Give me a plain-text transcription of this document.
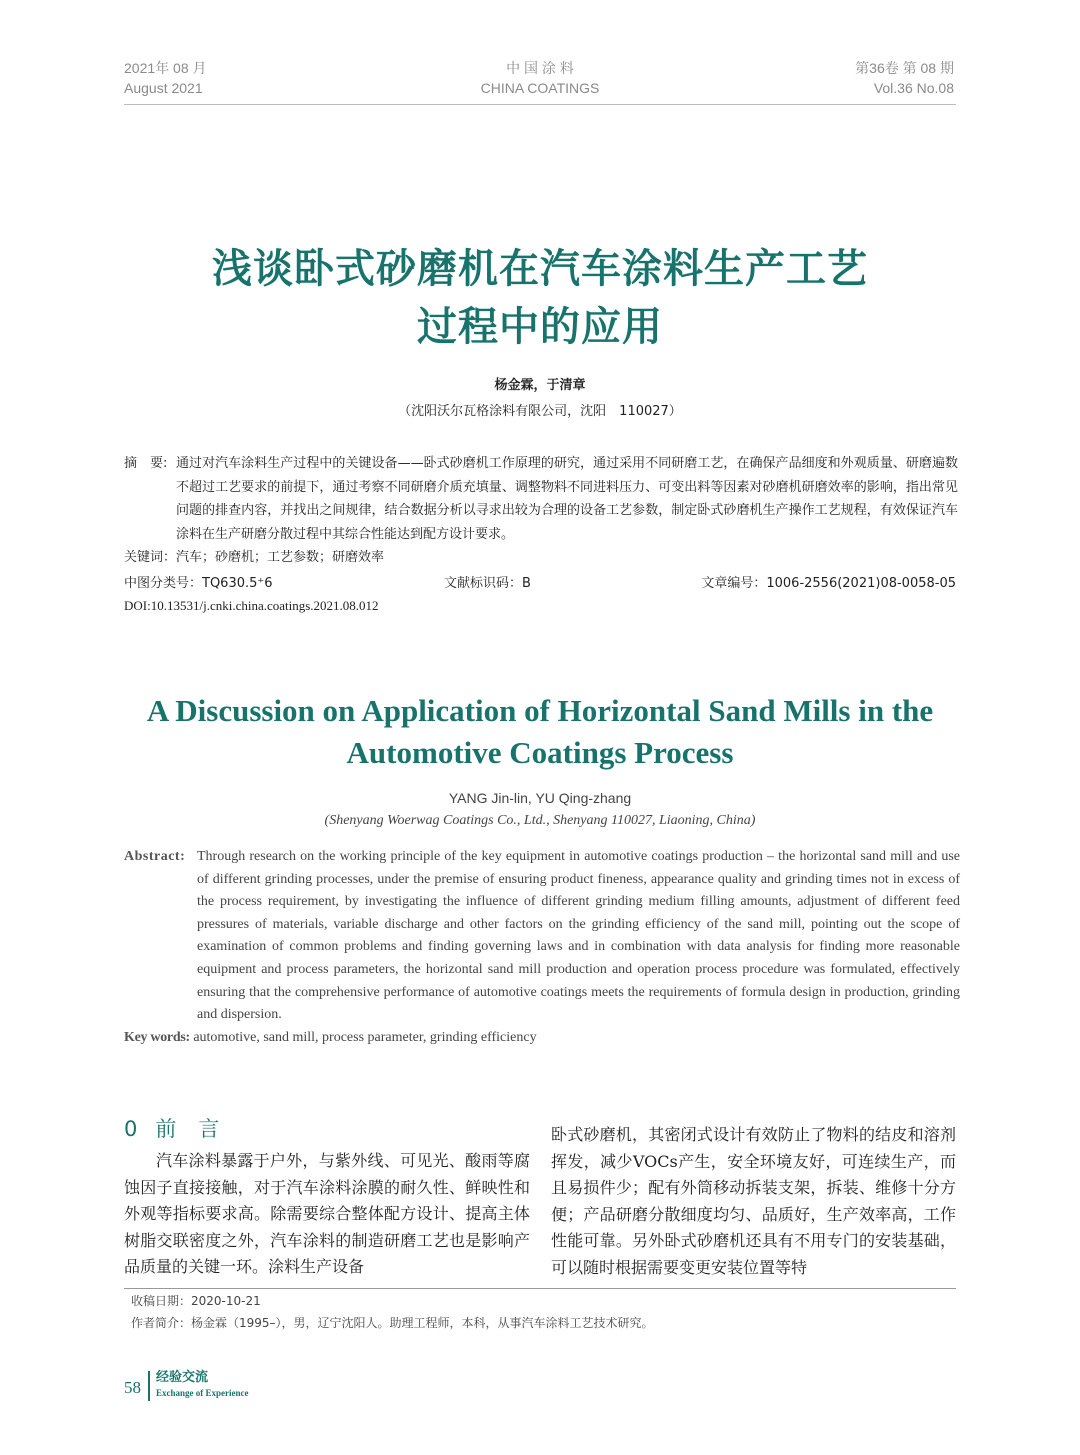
2021年 08 月
August 2021
中 国 涂 料
CHINA COATINGS
第36卷 第 08 期
Vol.36 No.08
浅谈卧式砂磨机在汽车涂料生产工艺
过程中的应用
杨金霖，于清章
（沈阳沃尔瓦格涂料有限公司，沈阳　110027）
摘　要: 通过对汽车涂料生产过程中的关键设备——卧式砂磨机工作原理的研究，通过采用不同研磨工艺，在确保产品细度和外观质量、研磨遍数不超过工艺要求的前提下，通过考察不同研磨介质充填量、调整物料不同进料压力、可变出料等因素对砂磨机研磨效率的影响，指出常见问题的排查内容，并找出之间规律，结合数据分析以寻求出较为合理的设备工艺参数，制定卧式砂磨机生产操作工艺规程，有效保证汽车涂料在生产研磨分散过程中其综合性能达到配方设计要求。
关键词：汽车；砂磨机；工艺参数；研磨效率
中图分类号：TQ630.5⁺6	文献标识码：B	文章编号：1006-2556(2021)08-0058-05
DOI:10.13531/j.cnki.china.coatings.2021.08.012
A Discussion on Application of Horizontal Sand Mills in the
Automotive Coatings Process
YANG Jin-lin, YU Qing-zhang
(Shenyang Woerwag Coatings Co., Ltd., Shenyang 110027, Liaoning, China)
Abstract: Through research on the working principle of the key equipment in automotive coatings production – the horizontal sand mill and use of different grinding processes, under the premise of ensuring product fineness, appearance quality and grinding times not in excess of the process requirement, by investigating the influence of different grinding medium filling amounts, adjustment of different feed pressures of materials, variable discharge and other factors on the grinding efficiency of the sand mill, pointing out the scope of examination of common problems and finding governing laws and in combination with data analysis for finding more reasonable equipment and process parameters, the horizontal sand mill production and operation process procedure was formulated, effectively ensuring that the comprehensive performance of automotive coatings meets the requirements of formula design in production, grinding and dispersion.
Key words: automotive, sand mill, process parameter, grinding efficiency
0 前言
汽车涂料暴露于户外，与紫外线、可见光、酸雨等腐蚀因子直接接触，对于汽车涂料涂膜的耐久性、鲜映性和外观等指标要求高。除需要综合整体配方设计、提高主体树脂交联密度之外，汽车涂料的制造研磨工艺也是影响产品质量的关键一环。涂料生产设备
卧式砂磨机，其密闭式设计有效防止了物料的结皮和溶剂挥发，减少VOCs产生，安全环境友好，可连续生产，而且易损件少；配有外筒移动拆装支架，拆装、维修十分方便；产品研磨分散细度均匀、品质好，生产效率高，工作性能可靠。另外卧式砂磨机还具有不用专门的安装基础，可以随时根据需要变更安装位置等特
收稿日期：2020-10-21
作者简介：杨金霖（1995–），男，辽宁沈阳人。助理工程师，本科，从事汽车涂料工艺技术研究。
58
经验交流
Exchange of Experience
